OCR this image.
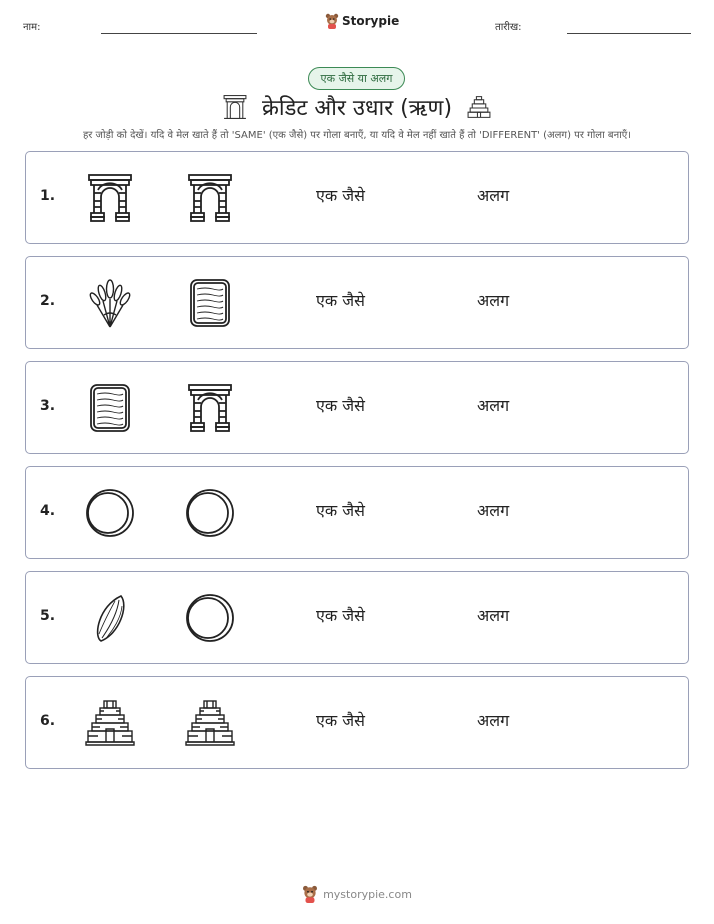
नाम:	Storypie	तारीख:
एक जैसे या अलग
क्रेडिट और उधार (ऋण)
हर जोड़ी को देखें। यदि वे मेल खाते हैं तो 'SAME' (एक जैसे) पर गोला बनाएँ, या यदि वे मेल नहीं खाते हैं तो 'DIFFERENT' (अलग) पर गोला बनाएँ।
1.	एक जैसे	अलग
2.	एक जैसे	अलग
3.	एक जैसे	अलग
4.	एक जैसे	अलग
5.	एक जैसे	अलग
6.	एक जैसे	अलग
mystorypie.com
